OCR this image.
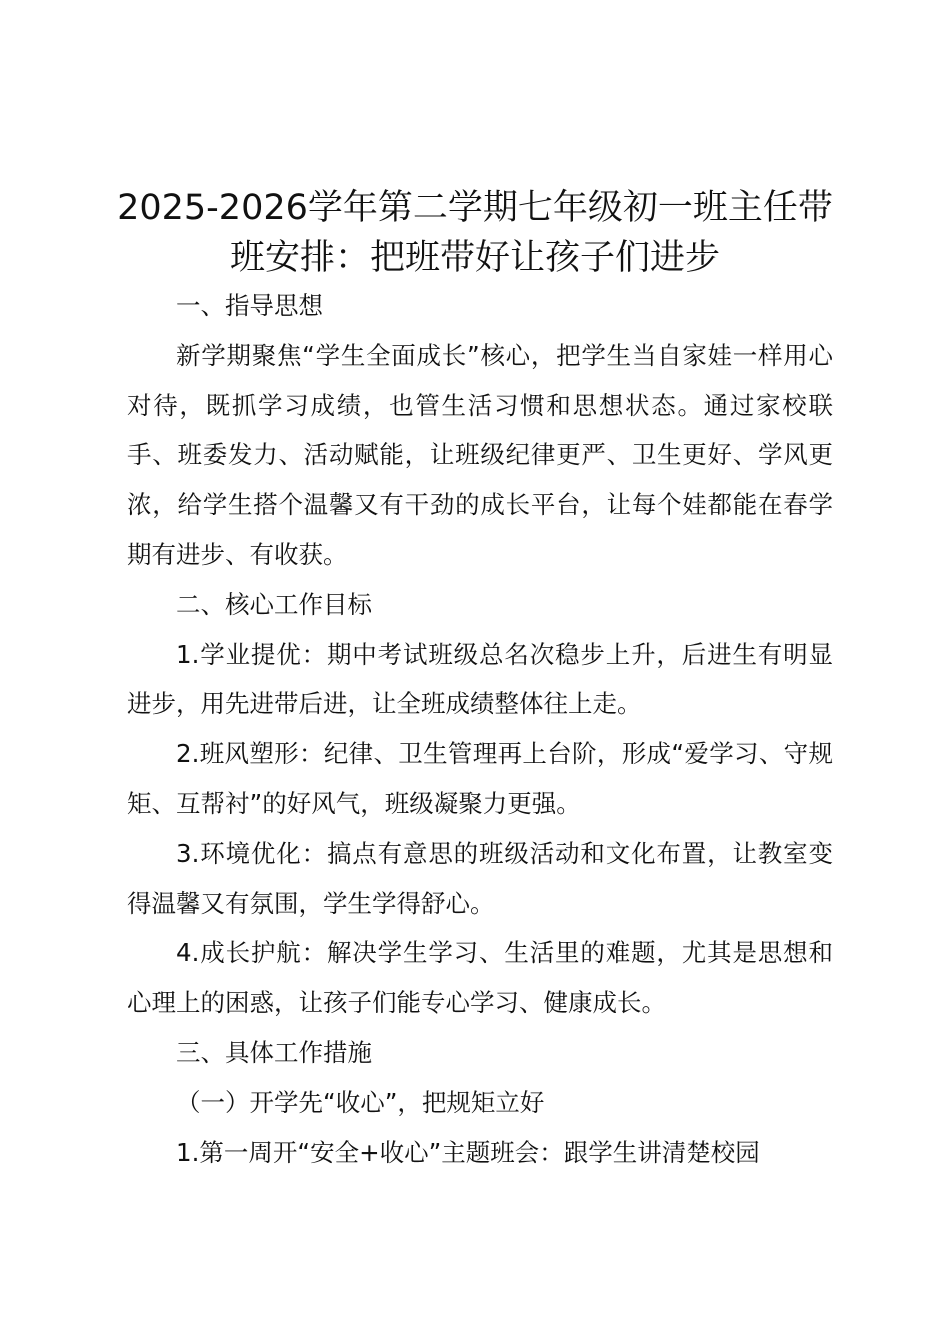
2025-2026学年第二学期七年级初一班主任带班安排：把班带好让孩子们进步

一、指导思想

新学期聚焦“学生全面成长”核心，把学生当自家娃一样用心对待，既抓学习成绩，也管生活习惯和思想状态。通过家校联手、班委发力、活动赋能，让班级纪律更严、卫生更好、学风更浓，给学生搭个温馨又有干劲的成长平台，让每个娃都能在春学期有进步、有收获。

二、核心工作目标

1.学业提优：期中考试班级总名次稳步上升，后进生有明显进步，用先进带后进，让全班成绩整体往上走。

2.班风塑形：纪律、卫生管理再上台阶，形成“爱学习、守规矩、互帮衬”的好风气，班级凝聚力更强。

3.环境优化：搞点有意思的班级活动和文化布置，让教室变得温馨又有氛围，学生学得舒心。

4.成长护航：解决学生学习、生活里的难题，尤其是思想和心理上的困惑，让孩子们能专心学习、健康成长。

三、具体工作措施

（一）开学先“收心”，把规矩立好

1.第一周开“安全+收心”主题班会：跟学生讲清楚校园
